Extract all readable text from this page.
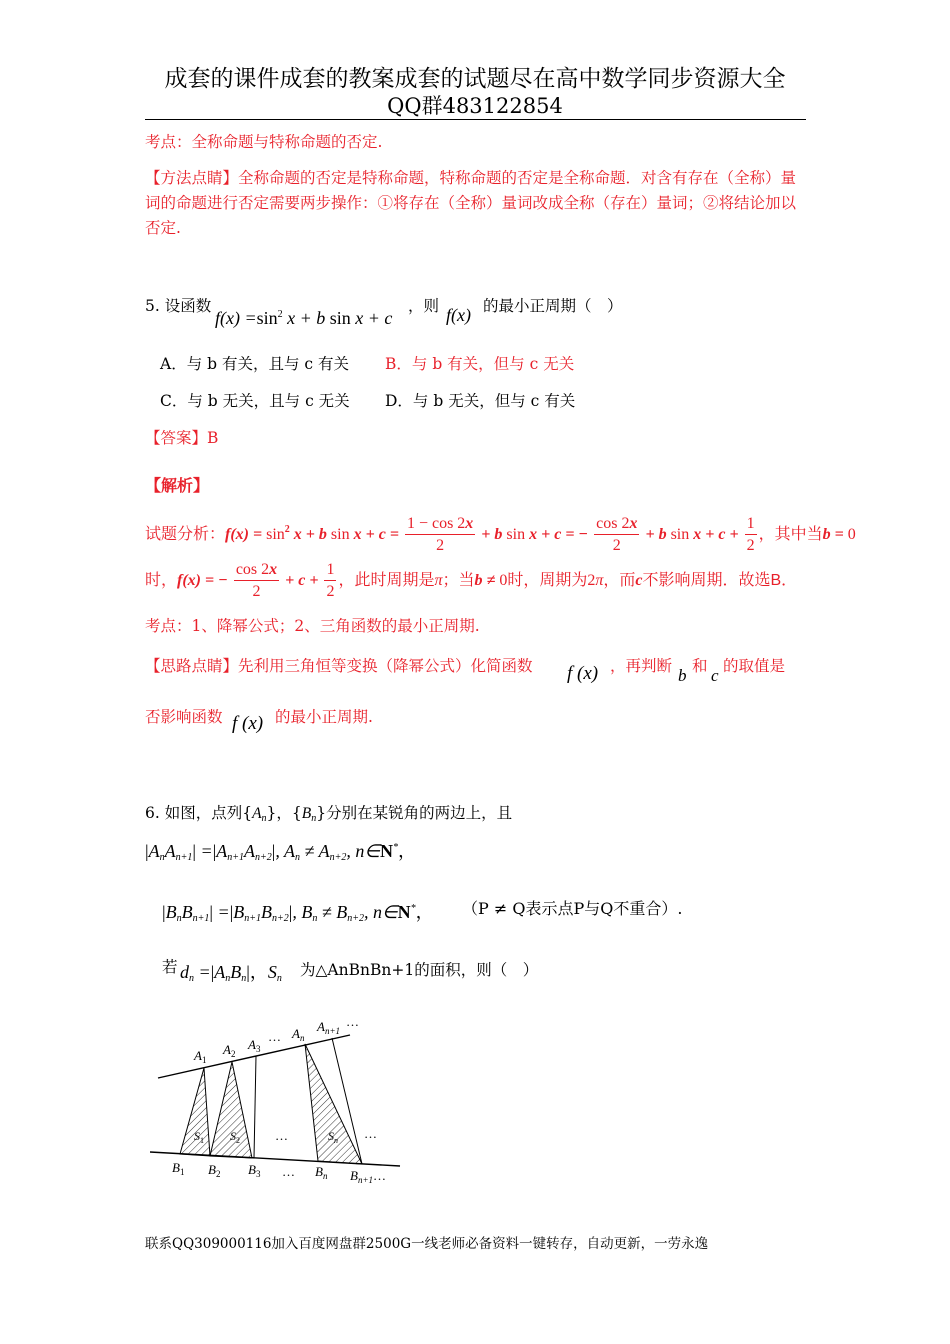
成套的课件成套的教案成套的试题尽在高中数学同步资源大全
QQ群483122854
考点：全称命题与特称命题的否定.
【方法点睛】全称命题的否定是特称命题，特称命题的否定是全称命题．对含有存在（全称）量词的命题进行否定需要两步操作：①将存在（全称）量词改成全称（存在）量词；②将结论加以否定.
5. 设函数
$f(x) =\sin^2$ x + b sin x + c
，则 f(x) 的最小正周期（　）
A．与 b 有关，且与 c 有关 B．与 b 有关，但与 c 无关
C．与 b 无关，且与 c 无关 D．与 b 无关，但与 c 有关
【答案】B
【解析】
试题分析：$f(x) = \sin^2 x + b$ $\sin x + c = \frac{1 - \cos 2x}{2} + b$ sin x + c = − $\frac{\cos 2x}{2} + b$ $\sin x + c + \frac{1}{2}$ ，其中当b = 0
时，f(x) = − $\frac{\cos 2x}{2} + c + \frac{1}{2}$ ，此时周期是π；当b ≠ 0时，周期为2π，而c不影响周期．故选B．
考点：1、降幂公式；2、三角函数的最小正周期.
【思路点睛】先利用三角恒等变换（降幂公式）化简函数 f (x) ，再判断 b 和 c 的取值是
否影响函数 f (x) 的最小正周期.
6. 如图，点列$\{A_n\}$，$\{B_n\}$分别在某锐角的两边上，且
$|A_nA_{n+1}| =|A_{n+1}A_{n+2}|$, $A_n \ne A_{n+2}$, n∈N*，
$|B_nB_{n+1}| =|B_{n+1}B_{n+2}|$, $B_n \ne B_{n+2}$, n∈N*， （P ≠ Q表示点P与Q不重合）.
若 $d_n =|A_nB_n|$，$S_n$ 为△AnBnBn+1的面积，则（　）
$A_1$
$A_2$
$A_3$
… $A_n$
$A_{n+1}$
…
$S_1$ $S_2$	…	$S_n$ …
$B_1$ $B_2$ $B_3$ … $B_n$ $B_{n+1}\dots$
联系QQ309000116加入百度网盘群2500G一线老师必备资料一键转存，自动更新，一劳永逸
